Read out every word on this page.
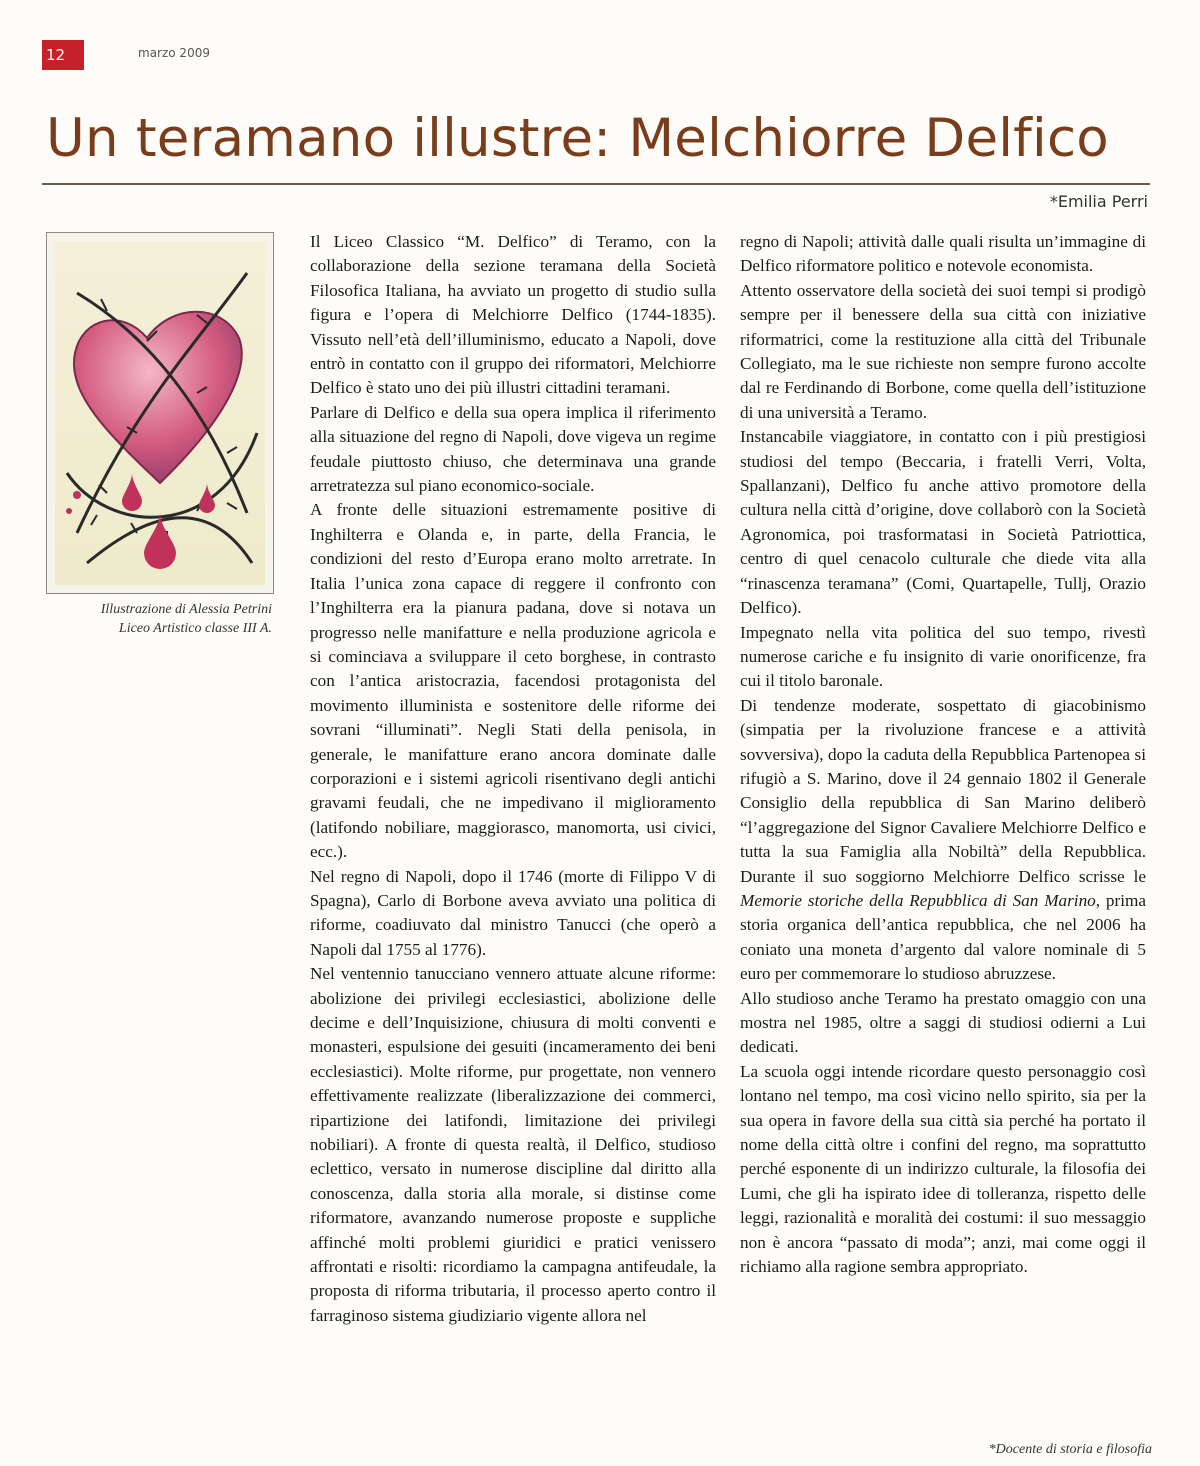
12	marzo 2009
Un teramano illustre: Melchiorre Delfico
*Emilia Perri
Illustrazione di Alessia Petrini
Liceo Artistico classe III A.

Il Liceo Classico “M. Delfico” di Teramo, con la collaborazione della sezione teramana della Società Filosofica Italiana, ha avviato un progetto di studio sulla figura e l’opera di Melchiorre Delfico (1744-1835). Vissuto nell’età dell’illuminismo, educato a Napoli, dove entrò in contatto con il gruppo dei riformatori, Melchiorre Delfico è stato uno dei più illustri cittadini teramani.

Parlare di Delfico e della sua opera implica il riferimento alla situazione del regno di Napoli, dove vigeva un regime feudale piuttosto chiuso, che determinava una grande arretratezza sul piano economico-sociale.

A fronte delle situazioni estremamente positive di Inghilterra e Olanda e, in parte, della Francia, le condizioni del resto d’Europa erano molto arretrate. In Italia l’unica zona capace di reggere il confronto con l’Inghilterra era la pianura padana, dove si notava un progresso nelle manifatture e nella produzione agricola e si cominciava a sviluppare il ceto borghese, in contrasto con l’antica aristocrazia, facendosi protagonista del movimento illuminista e sostenitore delle riforme dei sovrani “illuminati”. Negli Stati della penisola, in generale, le manifatture erano ancora dominate dalle corporazioni e i sistemi agricoli risentivano degli antichi gravami feudali, che ne impedivano il miglioramento (latifondo nobiliare, maggiorasco, manomorta, usi civici, ecc.).

Nel regno di Napoli, dopo il 1746 (morte di Filippo V di Spagna), Carlo di Borbone aveva avviato una politica di riforme, coadiuvato dal ministro Tanucci (che operò a Napoli dal 1755 al 1776).

Nel ventennio tanucciano vennero attuate alcune riforme: abolizione dei privilegi ecclesiastici, abolizione delle decime e dell’Inquisizione, chiusura di molti conventi e monasteri, espulsione dei gesuiti (incameramento dei beni ecclesiastici). Molte riforme, pur progettate, non vennero effettivamente realizzate (liberalizzazione dei commerci, ripartizione dei latifondi, limitazione dei privilegi nobiliari). A fronte di questa realtà, il Delfico, studioso eclettico, versato in numerose discipline dal diritto alla conoscenza, dalla storia alla morale, si distinse come riformatore, avanzando numerose proposte e suppliche affinché molti problemi giuridici e pratici venissero affrontati e risolti: ricordiamo la campagna antifeudale, la proposta di riforma tributaria, il processo aperto contro il farraginoso sistema giudiziario vigente allora nel

regno di Napoli; attività dalle quali risulta un’immagine di Delfico riformatore politico e notevole economista.

Attento osservatore della società dei suoi tempi si prodigò sempre per il benessere della sua città con iniziative riformatrici, come la restituzione alla città del Tribunale Collegiato, ma le sue richieste non sempre furono accolte dal re Ferdinando di Borbone, come quella dell’istituzione di una università a Teramo.

Instancabile viaggiatore, in contatto con i più prestigiosi studiosi del tempo (Beccaria, i fratelli Verri, Volta, Spallanzani), Delfico fu anche attivo promotore della cultura nella città d’origine, dove collaborò con la Società Agronomica, poi trasformatasi in Società Patriottica, centro di quel cenacolo culturale che diede vita alla “rinascenza teramana” (Comi, Quartapelle, Tullj, Orazio Delfico).

Impegnato nella vita politica del suo tempo, rivestì numerose cariche e fu insignito di varie onorificenze, fra cui il titolo baronale.

Di tendenze moderate, sospettato di giacobinismo (simpatia per la rivoluzione francese e a attività sovversiva), dopo la caduta della Repubblica Partenopea si rifugiò a S. Marino, dove il 24 gennaio 1802 il Generale Consiglio della repubblica di San Marino deliberò “l’aggregazione del Signor Cavaliere Melchiorre Delfico e tutta la sua Famiglia alla Nobiltà” della Repubblica. Durante il suo soggiorno Melchiorre Delfico scrisse le Memorie storiche della Repubblica di San Marino, prima storia organica dell’antica repubblica, che nel 2006 ha coniato una moneta d’argento dal valore nominale di 5 euro per commemorare lo studioso abruzzese.

Allo studioso anche Teramo ha prestato omaggio con una mostra nel 1985, oltre a saggi di studiosi odierni a Lui dedicati.

La scuola oggi intende ricordare questo personaggio così lontano nel tempo, ma così vicino nello spirito, sia per la sua opera in favore della sua città sia perché ha portato il nome della città oltre i confini del regno, ma soprattutto perché esponente di un indirizzo culturale, la filosofia dei Lumi, che gli ha ispirato idee di tolleranza, rispetto delle leggi, razionalità e moralità dei costumi: il suo messaggio non è ancora “passato di moda”; anzi, mai come oggi il richiamo alla ragione sembra appropriato.

*Docente di storia e filosofia
